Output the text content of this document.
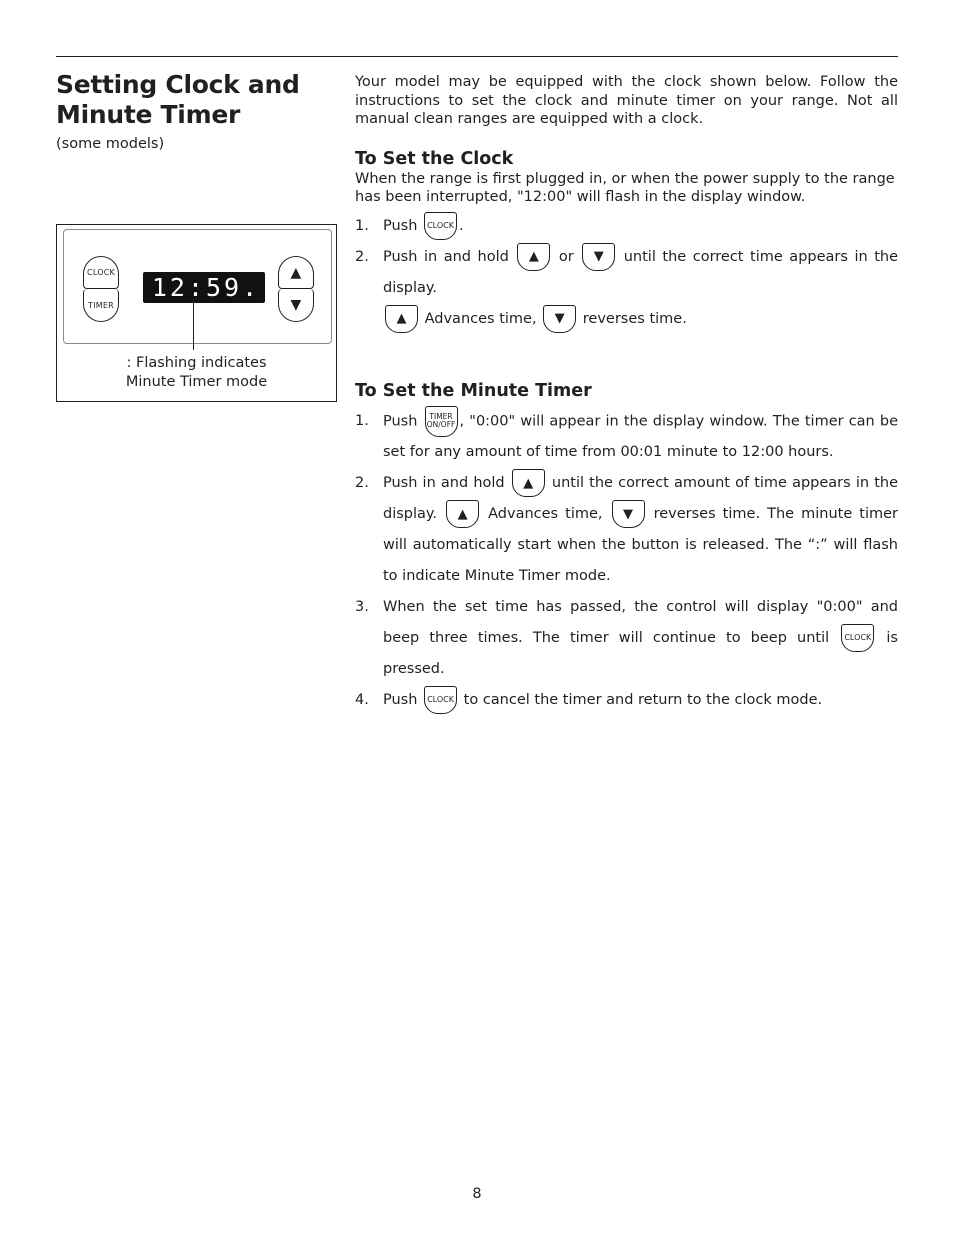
Setting Clock and
Minute Timer
(some models)
CLOCK
TIMER
12:59.
▲
▼
: Flashing indicates
Minute Timer mode

Your model may be equipped with the clock shown below. Follow the instructions to set the clock and minute timer on your range. Not all manual clean ranges are equipped with a clock.

To Set the Clock

When the range is first plugged in, or when the power supply to the range has been interrupted, "12:00" will flash in the display window.

1. Push CLOCK .
2. Push in and hold ▲ or ▼ until the correct time appears in the display.

▲ Advances time, ▼ reverses time.
To Set the Minute Timer
1. Push TIMER
ON/OFF , "0:00" will appear in the display window. The timer can be set for any amount of time from 00:01 minute to 12:00 hours.
2. Push in and hold ▲ until the correct amount of time appears in the display. ▲ Advances time, ▼ reverses time. The minute timer will automatically start when the button is released. The “:” will flash to indicate Minute Timer mode.
3. When the set time has passed, the control will display "0:00" and beep three times. The timer will continue to beep until CLOCK is pressed.
4. Push CLOCK to cancel the timer and return to the clock mode.
8
